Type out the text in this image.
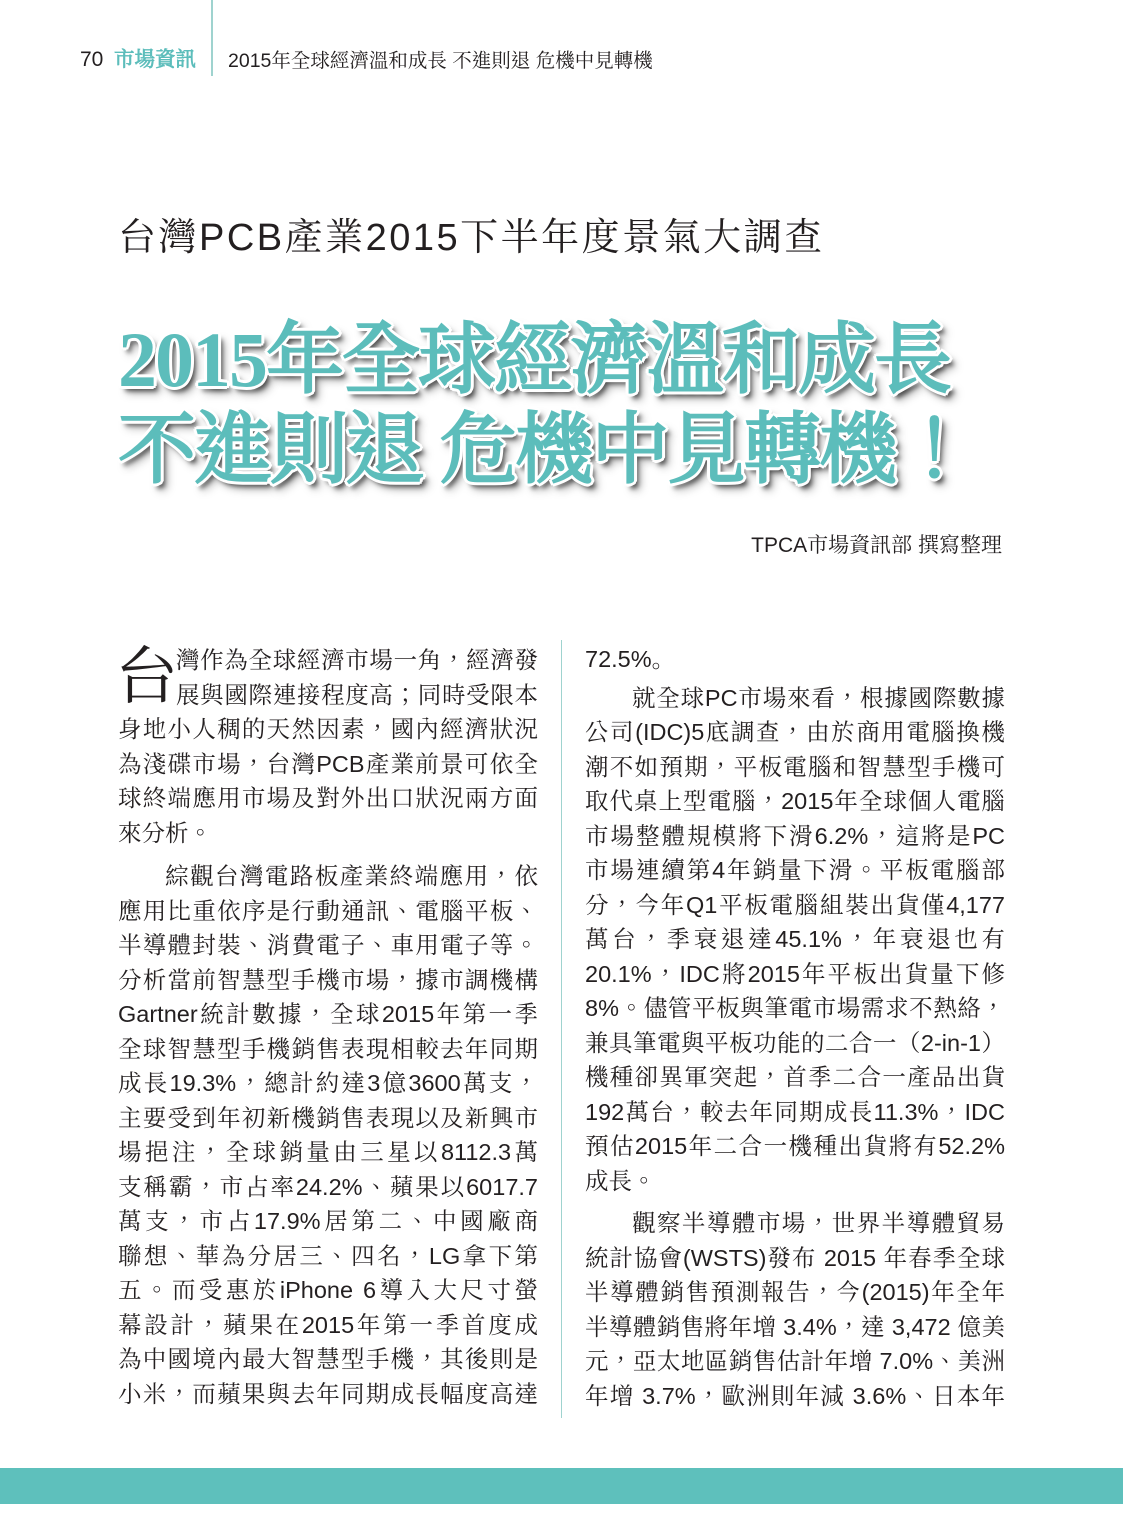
70 市場資訊 2015年全球經濟溫和成長 不進則退 危機中見轉機
台灣PCB產業2015下半年度景氣大調查
2015年全球經濟溫和成長
不進則退 危機中見轉機！
TPCA市場資訊部 撰寫整理
台
灣作為全球經濟市場一角，經濟發
展與國際連接程度高；同時受限本
身地小人稠的天然因素，國內經濟狀況
為淺碟市場，台灣PCB產業前景可依全
球終端應用市場及對外出口狀況兩方面
來分析。
綜觀台灣電路板產業終端應用，依
應用比重依序是行動通訊、電腦平板、
半導體封裝、消費電子、車用電子等。
分析當前智慧型手機市場，據市調機構
Gartner統計數據，全球2015年第一季
全球智慧型手機銷售表現相較去年同期
成長19.3%，總計約達3億3600萬支，
主要受到年初新機銷售表現以及新興市
場挹注，全球銷量由三星以8112.3萬
支稱霸，市占率24.2%、蘋果以6017.7
萬支，市占17.9%居第二、中國廠商
聯想、華為分居三、四名，LG拿下第
五。而受惠於iPhone 6導入大尺寸螢
幕設計，蘋果在2015年第一季首度成
為中國境內最大智慧型手機，其後則是
小米，而蘋果與去年同期成長幅度高達
72.5%。
就全球PC市場來看，根據國際數據
公司(IDC)5底調查，由於商用電腦換機
潮不如預期，平板電腦和智慧型手機可
取代桌上型電腦，2015年全球個人電腦
市場整體規模將下滑6.2%，這將是PC
市場連續第4年銷量下滑。平板電腦部
分，今年Q1平板電腦組裝出貨僅4,177
萬台，季衰退達45.1%，年衰退也有
20.1%，IDC將2015年平板出貨量下修
8%。儘管平板與筆電市場需求不熱絡，
兼具筆電與平板功能的二合一（2-in-1）
機種卻異軍突起，首季二合一產品出貨
192萬台，較去年同期成長11.3%，IDC
預估2015年二合一機種出貨將有52.2%
成長。
觀察半導體市場，世界半導體貿易
統計協會(WSTS)發布 2015 年春季全球
半導體銷售預測報告，今(2015)年全年
半導體銷售將年增 3.4%，達 3,472 億美
元，亞太地區銷售估計年增 7.0%、美洲
年增 3.7%，歐洲則年減 3.6%、日本年
